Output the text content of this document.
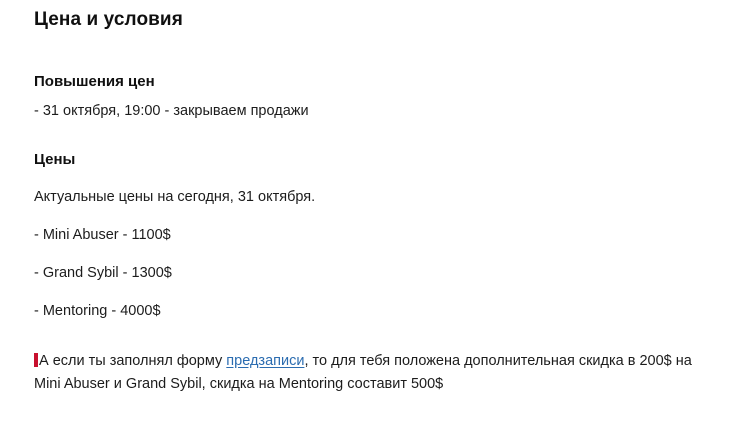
Цена и условия
Повышения цен

- 31 октября, 19:00 - закрываем продажи

Цены

Актуальные цены на сегодня, 31 октября.

- Mini Abuser - 1100$

- Grand Sybil - 1300$

- Mentoring - 4000$

А если ты заполнял форму предзаписи, то для тебя положена дополнительная скидка в 200$ на Mini Abuser и Grand Sybil, скидка на Mentoring составит 500$
